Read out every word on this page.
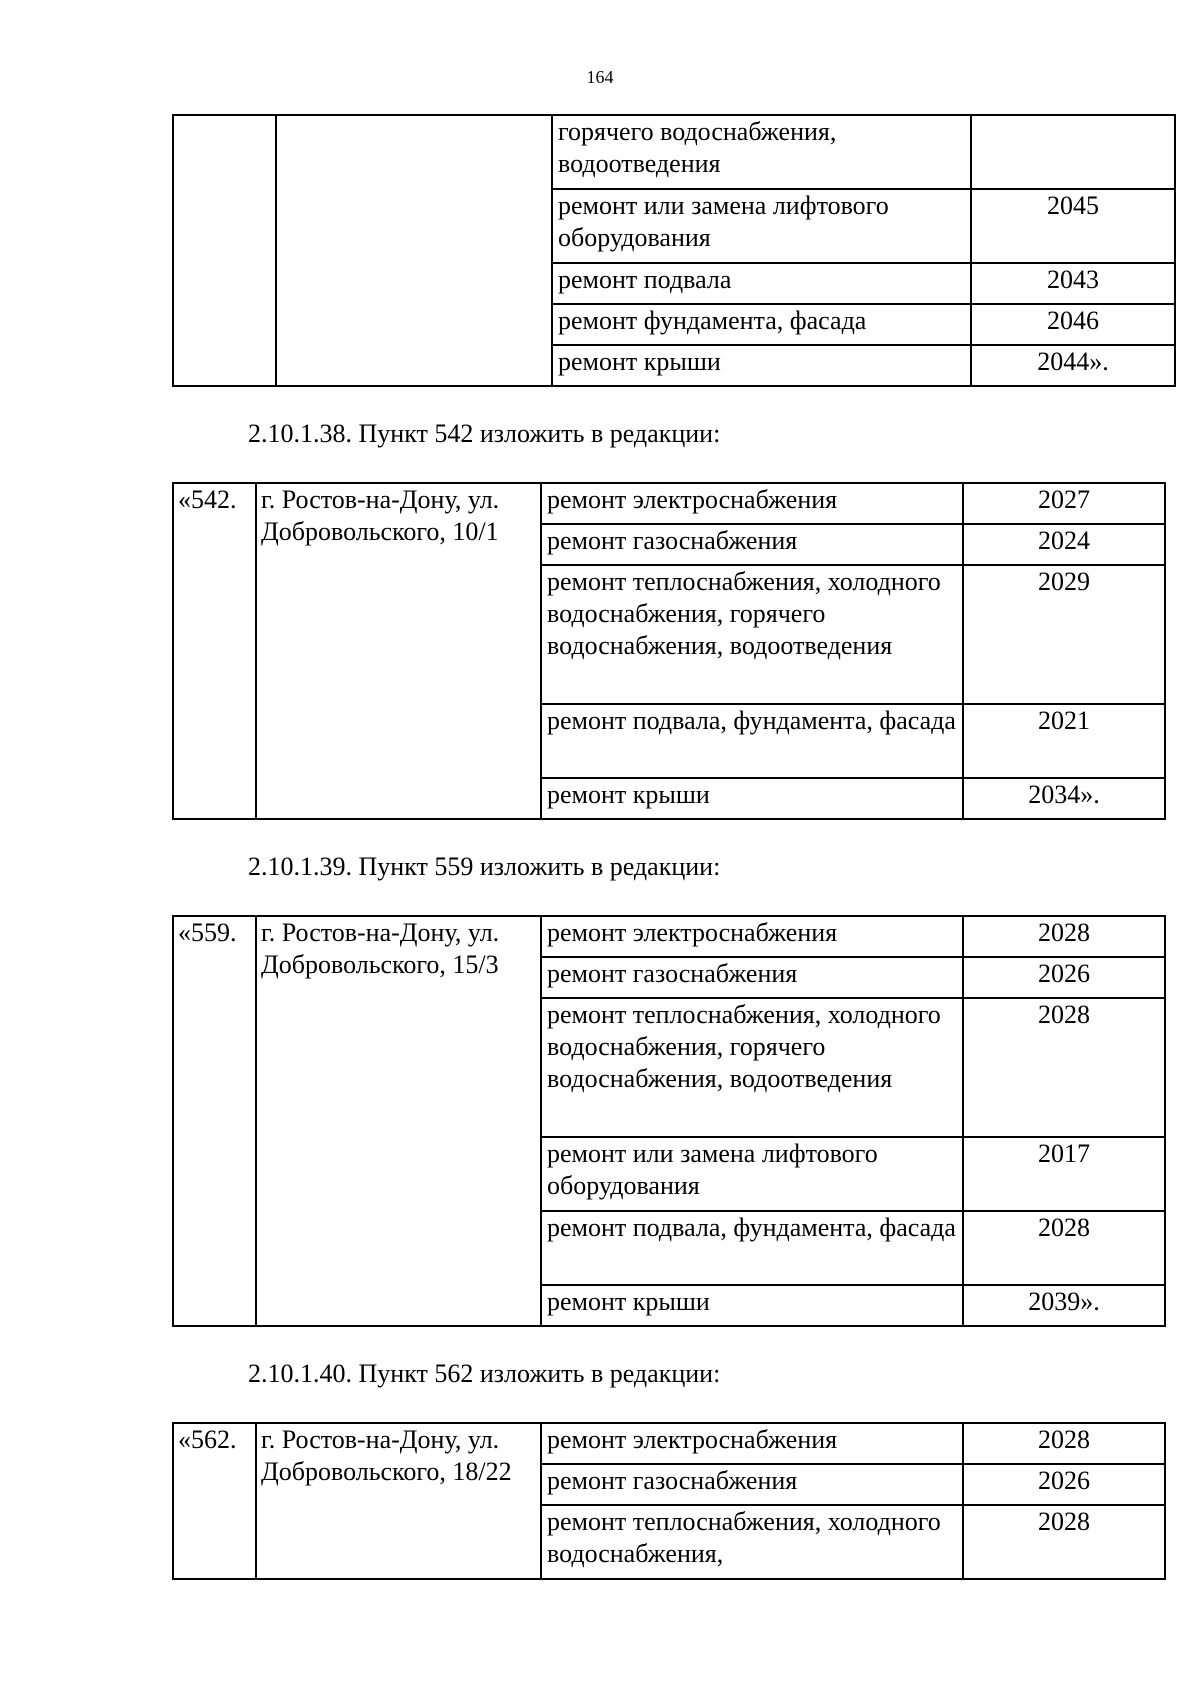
164
		горячего водоснабжения, водоотведения	
		ремонт или замена лифтового оборудования	2045
		ремонт подвала	2043
		ремонт фундамента, фасада	2046
		ремонт крыши	2044».
2.10.1.38. Пункт 542 изложить в редакции:
«542.	г. Ростов-на-Дону, ул. Добровольского, 10/1	ремонт электроснабжения	2027
		ремонт газоснабжения	2024
		ремонт теплоснабжения, холодного водоснабжения, горячего водоснабжения, водоотведения	2029
		ремонт подвала, фундамента, фасада	2021
		ремонт крыши	2034».
2.10.1.39. Пункт 559 изложить в редакции:
«559.	г. Ростов-на-Дону, ул. Добровольского, 15/3	ремонт электроснабжения	2028
		ремонт газоснабжения	2026
		ремонт теплоснабжения, холодного водоснабжения, горячего водоснабжения, водоотведения	2028
		ремонт или замена лифтового оборудования	2017
		ремонт подвала, фундамента, фасада	2028
		ремонт крыши	2039».
2.10.1.40. Пункт 562 изложить в редакции:
«562.	г. Ростов-на-Дону, ул. Добровольского, 18/22	ремонт электроснабжения	2028
		ремонт газоснабжения	2026
		ремонт теплоснабжения, холодного водоснабжения,	2028
